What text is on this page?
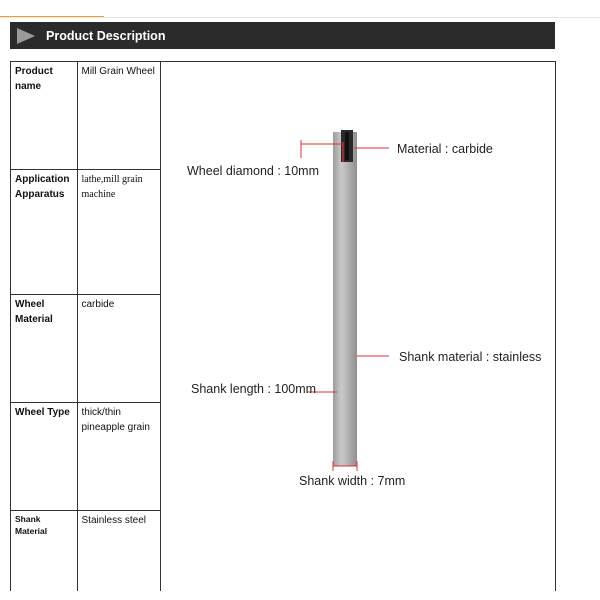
Product Description
Product name	Mill Grain Wheel
Application Apparatus	lathe,mill grain machine
Wheel Material	carbide
Wheel Type	thick/thin pineapple grain
Shank Material	Stainless steel
Material : carbide
Wheel diamond : 10mm
Shank material : stainless
Shank length : 100mm
Shank width : 7mm
